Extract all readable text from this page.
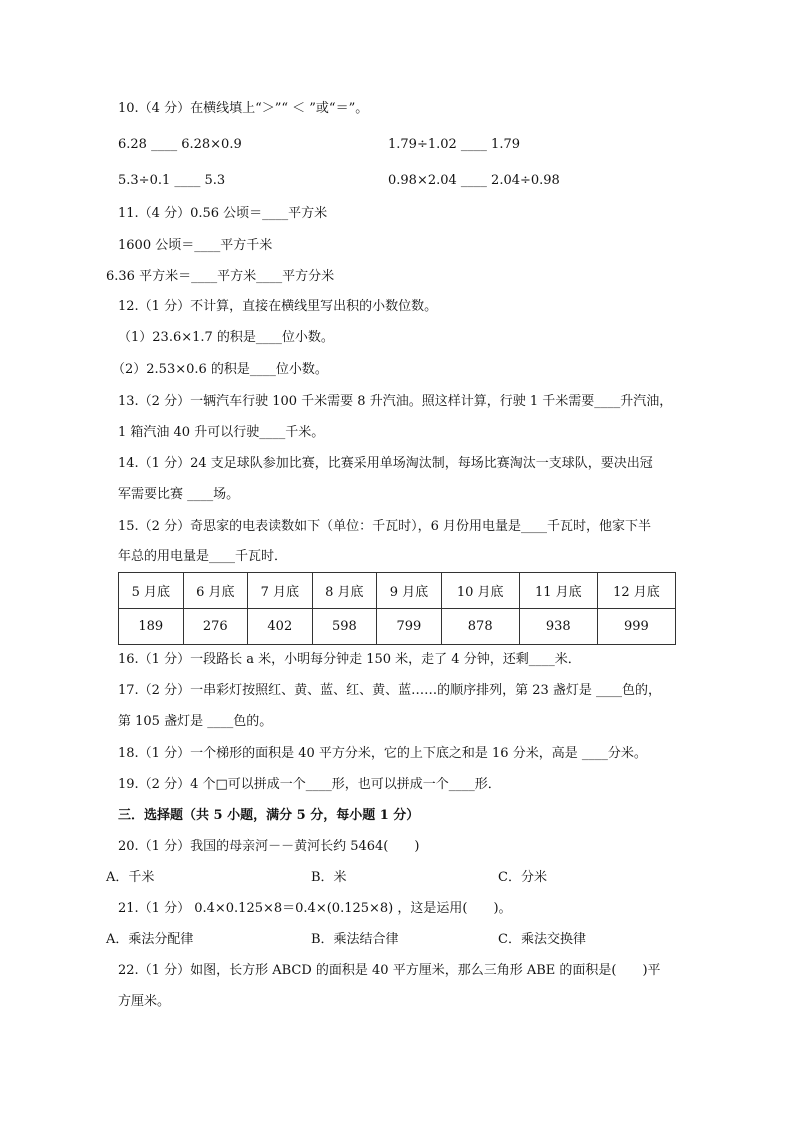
10.（4 分）在横线填上“＞”“ ＜ ”或“＝”。
6.28 ____ 6.28×0.9	1.79÷1.02 ____ 1.79
5.3÷0.1 ____ 5.3	0.98×2.04 ____ 2.04÷0.98
11.（4 分）0.56 公顷＝____平方米
1600 公顷＝____平方千米
6.36 平方米＝____平方米____平方分米
12.（1 分）不计算，直接在横线里写出积的小数位数。
（1）23.6×1.7 的积是____位小数。
（2）2.53×0.6 的积是____位小数。
13.（2 分）一辆汽车行驶 100 千米需要 8 升汽油。照这样计算，行驶 1 千米需要____升汽油，
1 箱汽油 40 升可以行驶____千米。
14.（1 分）24 支足球队参加比赛，比赛采用单场淘汰制，每场比赛淘汰一支球队，要决出冠
军需要比赛 ____场。
15.（2 分）奇思家的电表读数如下（单位：千瓦时），6 月份用电量是____千瓦时，他家下半
年总的用电量是____千瓦时．
5 月底	6 月底	7 月底	8 月底	9 月底	10 月底	11 月底	12 月底
189	276	402	598	799	878	938	999
16.（1 分）一段路长 a 米，小明每分钟走 150 米，走了 4 分钟，还剩____米．
17.（2 分）一串彩灯按照红、黄、蓝、红、黄、蓝……的顺序排列，第 23 盏灯是 ____色的，
第 105 盏灯是 ____色的。
18.（1 分）一个梯形的面积是 40 平方分米，它的上下底之和是 16 分米，高是 ____分米。
19.（2 分）4 个□可以拼成一个____形，也可以拼成一个____形．
三．选择题（共 5 小题，满分 5 分，每小题 1 分）
20.（1 分）我国的母亲河－－黄河长约 5464(　　)
A．千米	B．米	C．分米
21.（1 分） 0.4×0.125×8＝0.4×(0.125×8) ，这是运用(　　)。
A．乘法分配律	B．乘法结合律	C．乘法交换律
22.（1 分）如图，长方形 ABCD 的面积是 40 平方厘米，那么三角形 ABE 的面积是(　　)平
方厘米。
